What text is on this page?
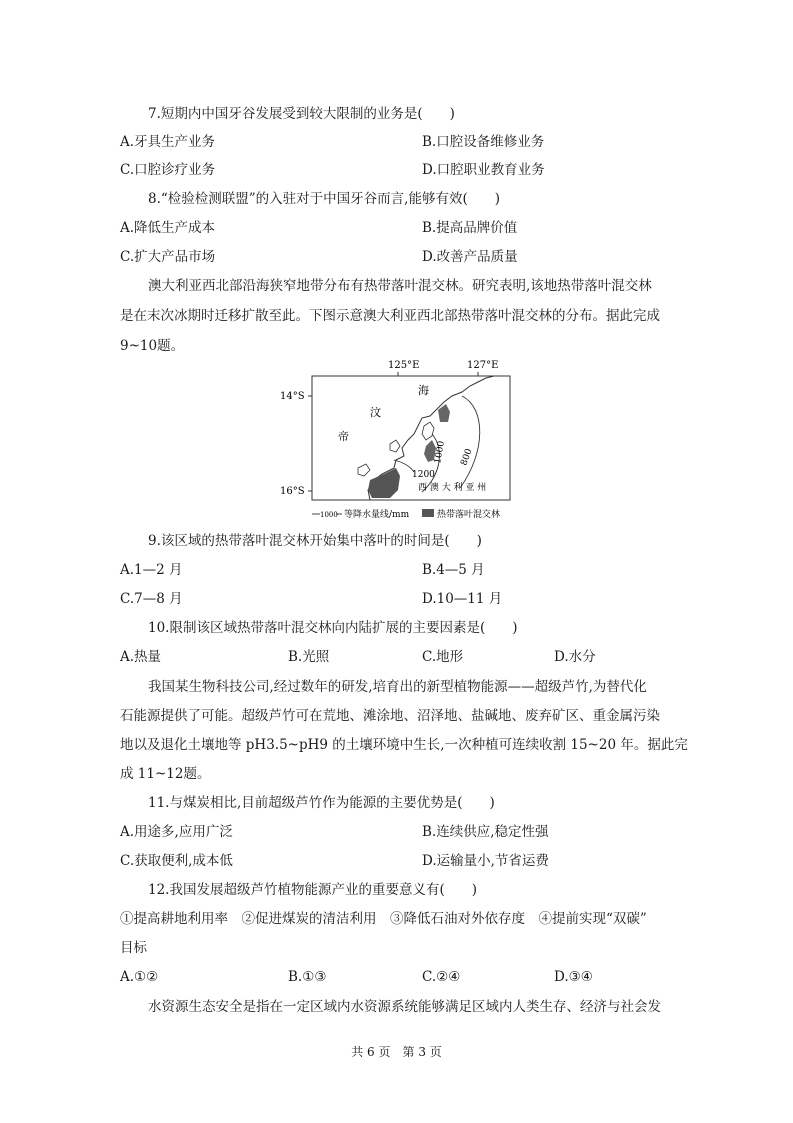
7.短期内中国牙谷发展受到较大限制的业务是(　　)
A.牙具生产业务	B.口腔设备维修业务
C.口腔诊疗业务	D.口腔职业教育业务
8.“检验检测联盟”的入驻对于中国牙谷而言,能够有效(　　)
A.降低生产成本	B.提高品牌价值
C.扩大产品市场	D.改善产品质量
澳大利亚西北部沿海狭窄地带分布有热带落叶混交林。研究表明,该地热带落叶混交林
是在末次冰期时迁移扩散至此。下图示意澳大利亚西北部热带落叶混交林的分布。据此完成
9~10题。
125°E	127°E
14°S
16°S
1200
1000 800
海
汶
帝
西 澳 大 利 亚 州
1000 等降水量线/mm	热带落叶混交林
9.该区域的热带落叶混交林开始集中落叶的时间是(　　)
A.1—2 月	B.4—5 月
C.7—8 月	D.10—11 月
10.限制该区域热带落叶混交林向内陆扩展的主要因素是(　　)
A.热量	B.光照	C.地形	D.水分
我国某生物科技公司,经过数年的研发,培育出的新型植物能源——超级芦竹,为替代化
石能源提供了可能。超级芦竹可在荒地、滩涂地、沼泽地、盐碱地、废弃矿区、重金属污染
地以及退化土壤地等 pH3.5~pH9 的土壤环境中生长,一次种植可连续收割 15~20 年。据此完
成 11~12题。
11.与煤炭相比,目前超级芦竹作为能源的主要优势是(　　)
A.用途多,应用广泛	B.连续供应,稳定性强
C.获取便利,成本低	D.运输量小,节省运费
12.我国发展超级芦竹植物能源产业的重要意义有(　　)
①提高耕地利用率　②促进煤炭的清洁利用　③降低石油对外依存度　④提前实现“双碳”
目标
A.①②	B.①③	C.②④	D.③④
水资源生态安全是指在一定区域内水资源系统能够满足区域内人类生存、经济与社会发
共 6 页　第 3 页
